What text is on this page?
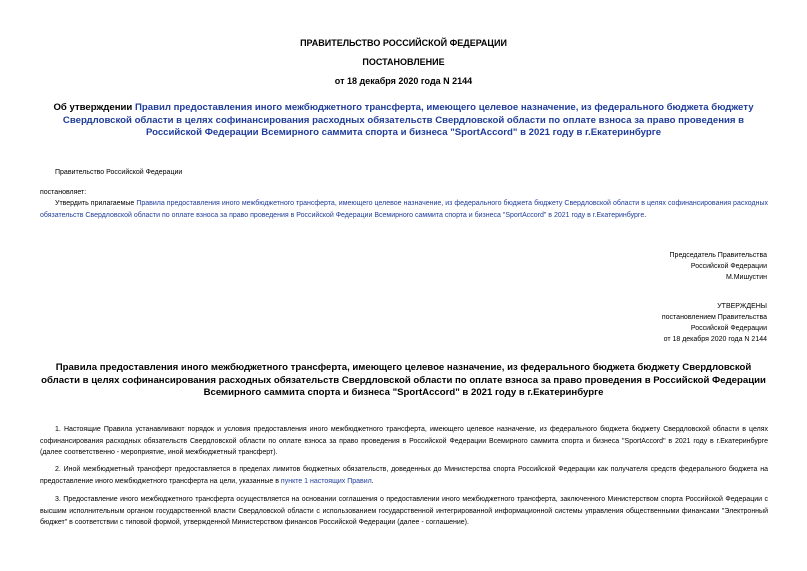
ПРАВИТЕЛЬСТВО РОССИЙСКОЙ ФЕДЕРАЦИИ
ПОСТАНОВЛЕНИЕ
от 18 декабря 2020 года N 2144
Об утверждении Правил предоставления иного межбюджетного трансферта, имеющего целевое назначение, из федерального бюджета бюджету Свердловской области в целях софинансирования расходных обязательств Свердловской области по оплате взноса за право проведения в Российской Федерации Всемирного саммита спорта и бизнеса "SportAccord" в 2021 году в г.Екатеринбурге
Правительство Российской Федерации
постановляет:
Утвердить прилагаемые Правила предоставления иного межбюджетного трансферта, имеющего целевое назначение, из федерального бюджета бюджету Свердловской области в целях софинансирования расходных обязательств Свердловской области по оплате взноса за право проведения в Российской Федерации Всемирного саммита спорта и бизнеса "SportAccord" в 2021 году в г.Екатеринбурге.
Председатель Правительства
Российской Федерации
М.Мишустин
УТВЕРЖДЕНЫ
постановлением Правительства
Российской Федерации
от 18 декабря 2020 года N 2144
Правила предоставления иного межбюджетного трансферта, имеющего целевое назначение, из федерального бюджета бюджету Свердловской области в целях софинансирования расходных обязательств Свердловской области по оплате взноса за право проведения в Российской Федерации Всемирного саммита спорта и бизнеса "SportAccord" в 2021 году в г.Екатеринбурге
1. Настоящие Правила устанавливают порядок и условия предоставления иного межбюджетного трансферта, имеющего целевое назначение, из федерального бюджета бюджету Свердловской области в целях софинансирования расходных обязательств Свердловской области по оплате взноса за право проведения в Российской Федерации Всемирного саммита спорта и бизнеса "SportAccord" в 2021 году в г.Екатеринбурге (далее соответственно - мероприятие, иной межбюджетный трансферт).
2. Иной межбюджетный трансферт предоставляется в пределах лимитов бюджетных обязательств, доведенных до Министерства спорта Российской Федерации как получателя средств федерального бюджета на предоставление иного межбюджетного трансферта на цели, указанные в пункте 1 настоящих Правил.
3. Предоставление иного межбюджетного трансферта осуществляется на основании соглашения о предоставлении иного межбюджетного трансферта, заключенного Министерством спорта Российской Федерации с высшим исполнительным органом государственной власти Свердловской области с использованием государственной интегрированной информационной системы управления общественными финансами "Электронный бюджет" в соответствии с типовой формой, утвержденной Министерством финансов Российской Федерации (далее - соглашение).
